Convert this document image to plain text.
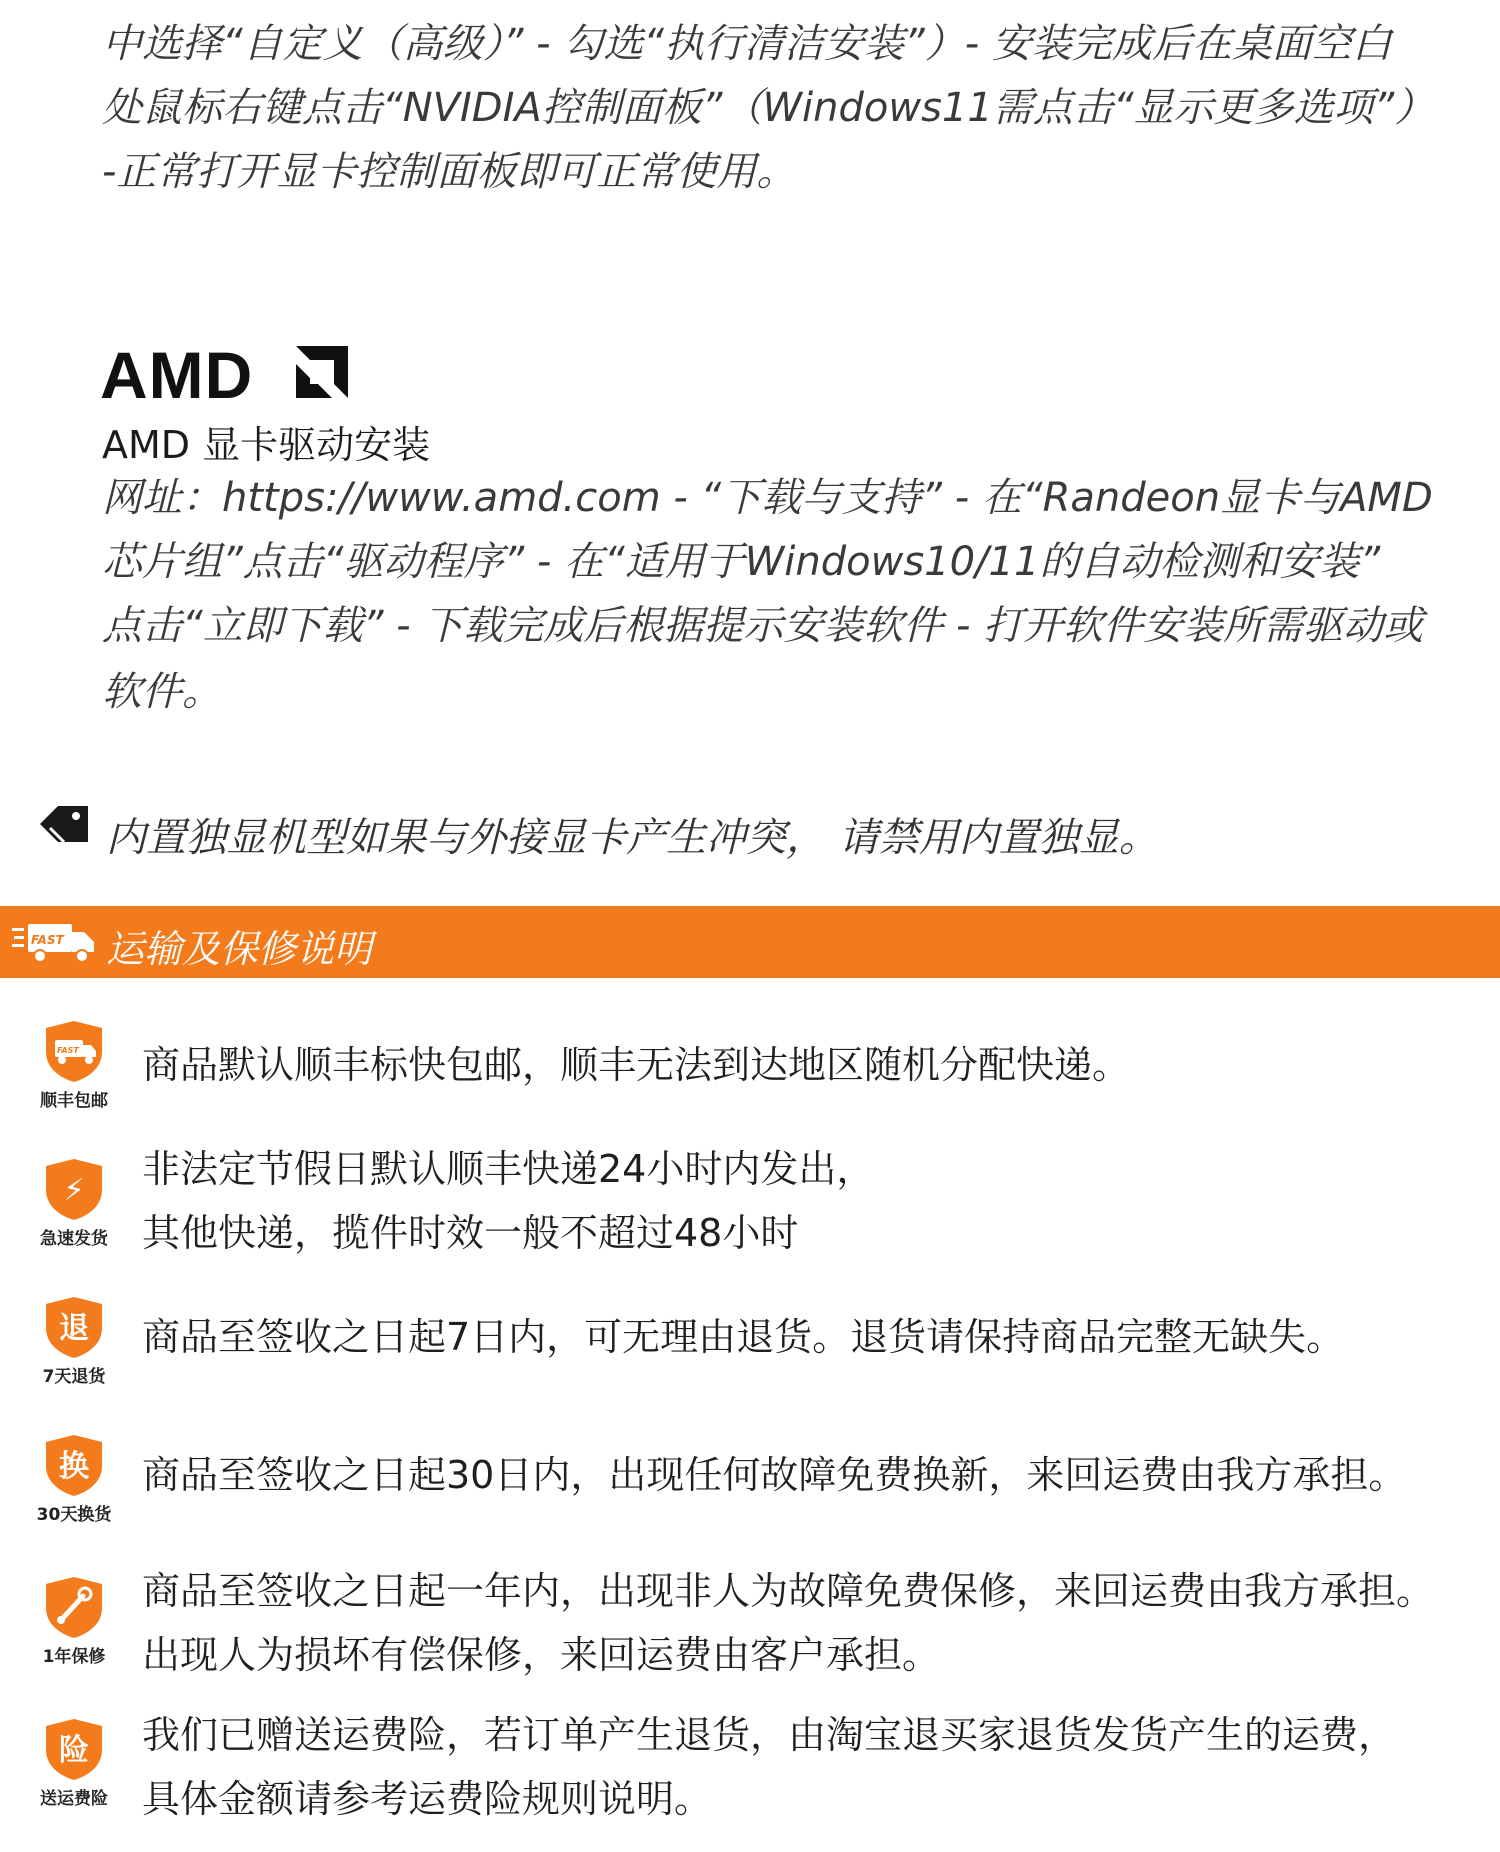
中选择“自定义（高级）” - 勾选“执行清洁安装”）- 安装完成后在桌面空白
处鼠标右键点击“NVIDIA控制面板”（Windows11需点击“显示更多选项”）
-正常打开显卡控制面板即可正常使用。
AMD
AMD 显卡驱动安装
网址：https://www.amd.com - “下载与支持” - 在“Randeon显卡与AMD
芯片组”点击“驱动程序” - 在“适用于Windows10/11的自动检测和安装”
点击“立即下载” - 下载完成后根据提示安装软件 - 打开软件安装所需驱动或
软件。
内置独显机型如果与外接显卡产生冲突， 请禁用内置独显。
FAST 运输及保修说明
FAST
顺丰包邮
商品默认顺丰标快包邮，顺丰无法到达地区随机分配快递。
⚡
急速发货
非法定节假日默认顺丰快递24小时内发出，
其他快递，揽件时效一般不超过48小时
退
7天退货
商品至签收之日起7日内，可无理由退货。退货请保持商品完整无缺失。
换
30天换货
商品至签收之日起30日内，出现任何故障免费换新，来回运费由我方承担。
1年保修
商品至签收之日起一年内，出现非人为故障免费保修，来回运费由我方承担。
出现人为损坏有偿保修，来回运费由客户承担。
险
送运费险
我们已赠送运费险，若订单产生退货，由淘宝退买家退货发货产生的运费，
具体金额请参考运费险规则说明。
